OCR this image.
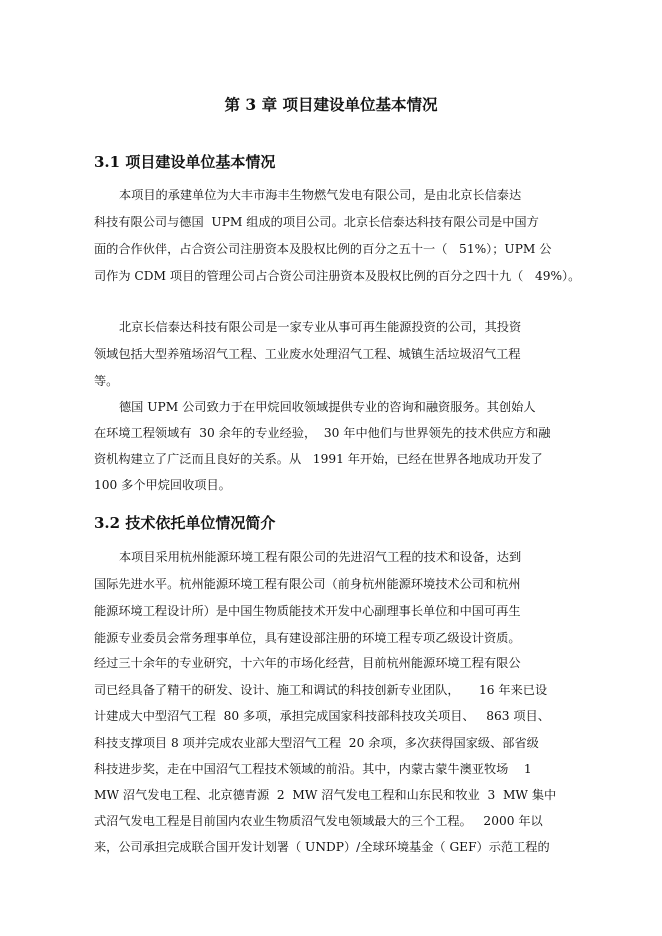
第 3 章 项目建设单位基本情况
3.1 项目建设单位基本情况

本项目的承建单位为大丰市海丰生物燃气发电有限公司，是由北京长信泰达

科技有限公司与德国  UPM 组成的项目公司。北京长信泰达科技有限公司是中国方

面的合作伙伴，占合资公司注册资本及股权比例的百分之五十一（   51%）；UPM 公

司作为 CDM 项目的管理公司占合资公司注册资本及股权比例的百分之四十九（   49%）。

北京长信泰达科技有限公司是一家专业从事可再生能源投资的公司，其投资

领域包括大型养殖场沼气工程、工业废水处理沼气工程、城镇生活垃圾沼气工程

等。

德国 UPM 公司致力于在甲烷回收领域提供专业的咨询和融资服务。其创始人

在环境工程领域有  30 余年的专业经验，  30 年中他们与世界领先的技术供应方和融

资机构建立了广泛而且良好的关系。从   1991 年开始，已经在世界各地成功开发了

100 多个甲烷回收项目。

3.2 技术依托单位情况简介

本项目采用杭州能源环境工程有限公司的先进沼气工程的技术和设备，达到

国际先进水平。杭州能源环境工程有限公司（前身杭州能源环境技术公司和杭州

能源环境工程设计所）是中国生物质能技术开发中心副理事长单位和中国可再生

能源专业委员会常务理事单位，具有建设部注册的环境工程专项乙级设计资质。

经过三十余年的专业研究，十六年的市场化经营，目前杭州能源环境工程有限公

司已经具备了精干的研发、设计、施工和调试的科技创新专业团队，     16 年来已设

计建成大中型沼气工程  80 多项，承担完成国家科技部科技攻关项目、   863 项目、

科技支撑项目 8 项并完成农业部大型沼气工程  20 余项，多次获得国家级、部省级

科技进步奖，走在中国沼气工程技术领域的前沿。其中，内蒙古蒙牛澳亚牧场    1

MW 沼气发电工程、北京德青源  2  MW 沼气发电工程和山东民和牧业  3  MW 集中

式沼气发电工程是目前国内农业生物质沼气发电领域最大的三个工程。   2000 年以

来，公司承担完成联合国开发计划署（ UNDP）/全球环境基金（ GEF）示范工程的
